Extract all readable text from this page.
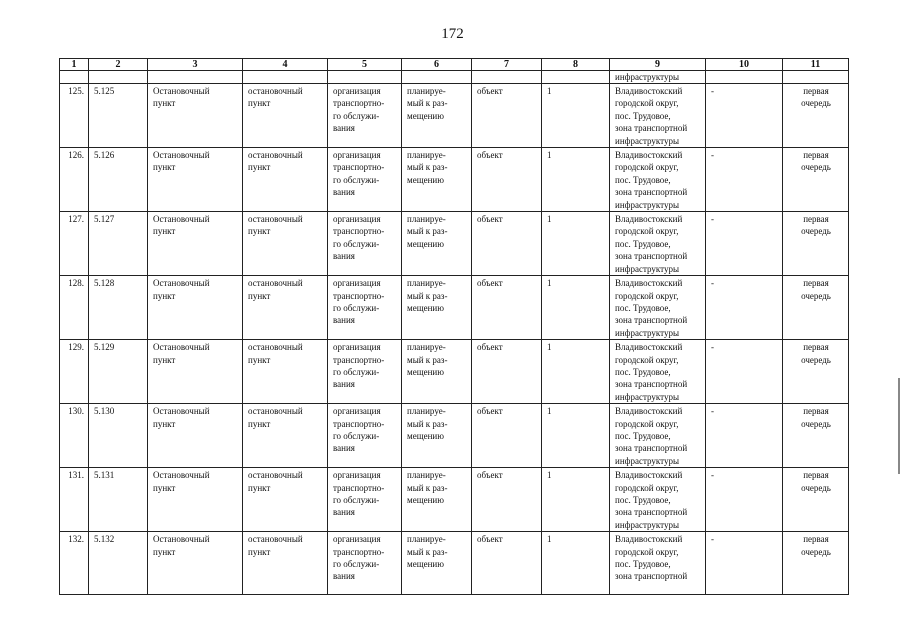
172
1	2	3	4	5	6	7	8	9	10	11
								инфраструктуры		
125.	5.125	Остановочный
пункт	остановочный
пункт	организация
транспортно-
го обслужи-
вания	планируе-
мый к раз-
мещению	объект	1	Владивостокский
городской округ,
пос. Трудовое,
зона транспортной
инфраструктуры	-	первая
очередь
126.	5.126	Остановочный
пункт	остановочный
пункт	организация
транспортно-
го обслужи-
вания	планируе-
мый к раз-
мещению	объект	1	Владивостокский
городской округ,
пос. Трудовое,
зона транспортной
инфраструктуры	-	первая
очередь
127.	5.127	Остановочный
пункт	остановочный
пункт	организация
транспортно-
го обслужи-
вания	планируе-
мый к раз-
мещению	объект	1	Владивостокский
городской округ,
пос. Трудовое,
зона транспортной
инфраструктуры	-	первая
очередь
128.	5.128	Остановочный
пункт	остановочный
пункт	организация
транспортно-
го обслужи-
вания	планируе-
мый к раз-
мещению	объект	1	Владивостокский
городской округ,
пос. Трудовое,
зона транспортной
инфраструктуры	-	первая
очередь
129.	5.129	Остановочный
пункт	остановочный
пункт	организация
транспортно-
го обслужи-
вания	планируе-
мый к раз-
мещению	объект	1	Владивостокский
городской округ,
пос. Трудовое,
зона транспортной
инфраструктуры	-	первая
очередь
130.	5.130	Остановочный
пункт	остановочный
пункт	организация
транспортно-
го обслужи-
вания	планируе-
мый к раз-
мещению	объект	1	Владивостокский
городской округ,
пос. Трудовое,
зона транспортной
инфраструктуры	-	первая
очередь
131.	5.131	Остановочный
пункт	остановочный
пункт	организация
транспортно-
го обслужи-
вания	планируе-
мый к раз-
мещению	объект	1	Владивостокский
городской округ,
пос. Трудовое,
зона транспортной
инфраструктуры	-	первая
очередь
132.	5.132	Остановочный
пункт	остановочный
пункт	организация
транспортно-
го обслужи-
вания	планируе-
мый к раз-
мещению	объект	1	Владивостокский
городской округ,
пос. Трудовое,
зона транспортной	-	первая
очередь
